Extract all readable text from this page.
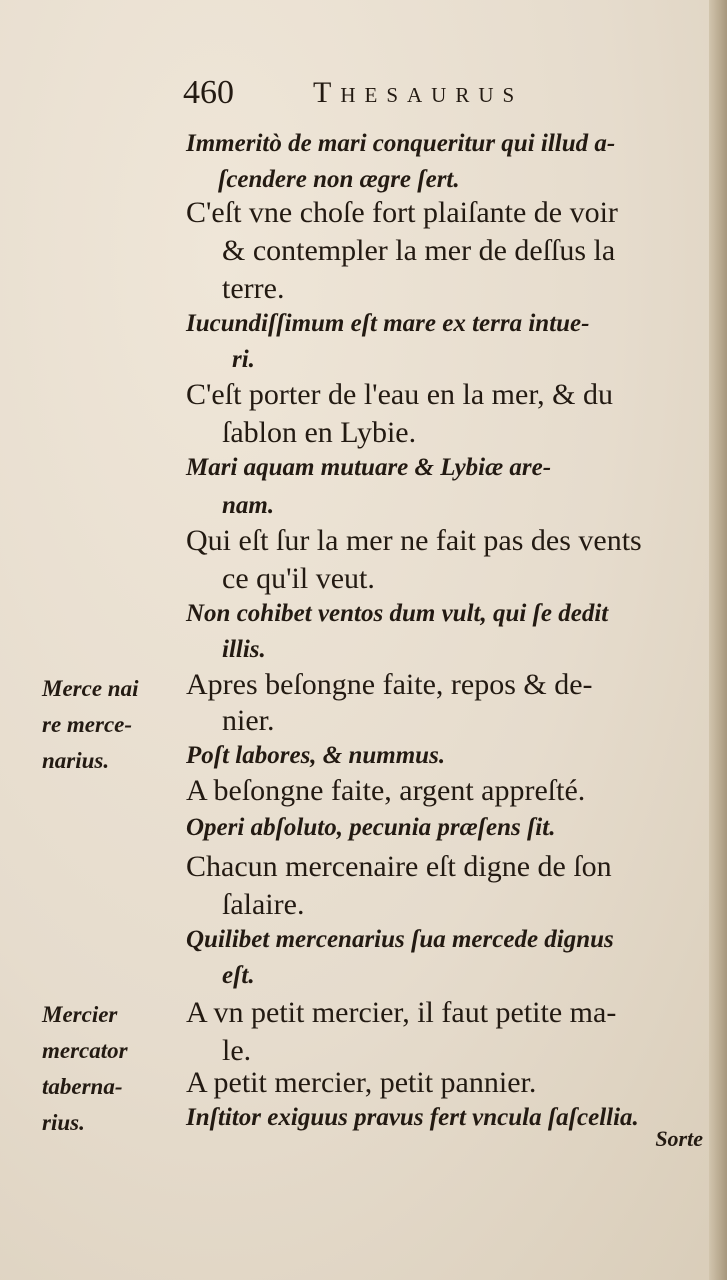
460	Thesaurus
Immeritò de mari conqueritur qui illud a-
ſcendere non ægre ſert.
C'eſt vne choſe fort plaiſante de voir
& contempler la mer de deſſus la
terre.
Iucundiſſimum eſt mare ex terra intue-
ri.
C'eſt porter de l'eau en la mer, & du
ſablon en Lybie.
Mari aquam mutuare & Lybiæ are-
nam.
Qui eſt ſur la mer ne fait pas des vents
ce qu'il veut.
Non cohibet ventos dum vult, qui ſe dedit
illis.
Apres beſongne faite, repos & de-
nier.
Poſt labores, & nummus.
A beſongne faite, argent appreſté.
Operi abſoluto, pecunia præſens ſit.
Chacun mercenaire eſt digne de ſon
ſalaire.
Quilibet mercenarius ſua mercede dignus
eſt.
A vn petit mercier, il faut petite ma-
le.
A petit mercier, petit pannier.
Inſtitor exiguus pravus fert vncula ſaſcellia.
Merce nai
re merce-
narius.
Mercier
mercator
taberna-
rius.
Sorte
